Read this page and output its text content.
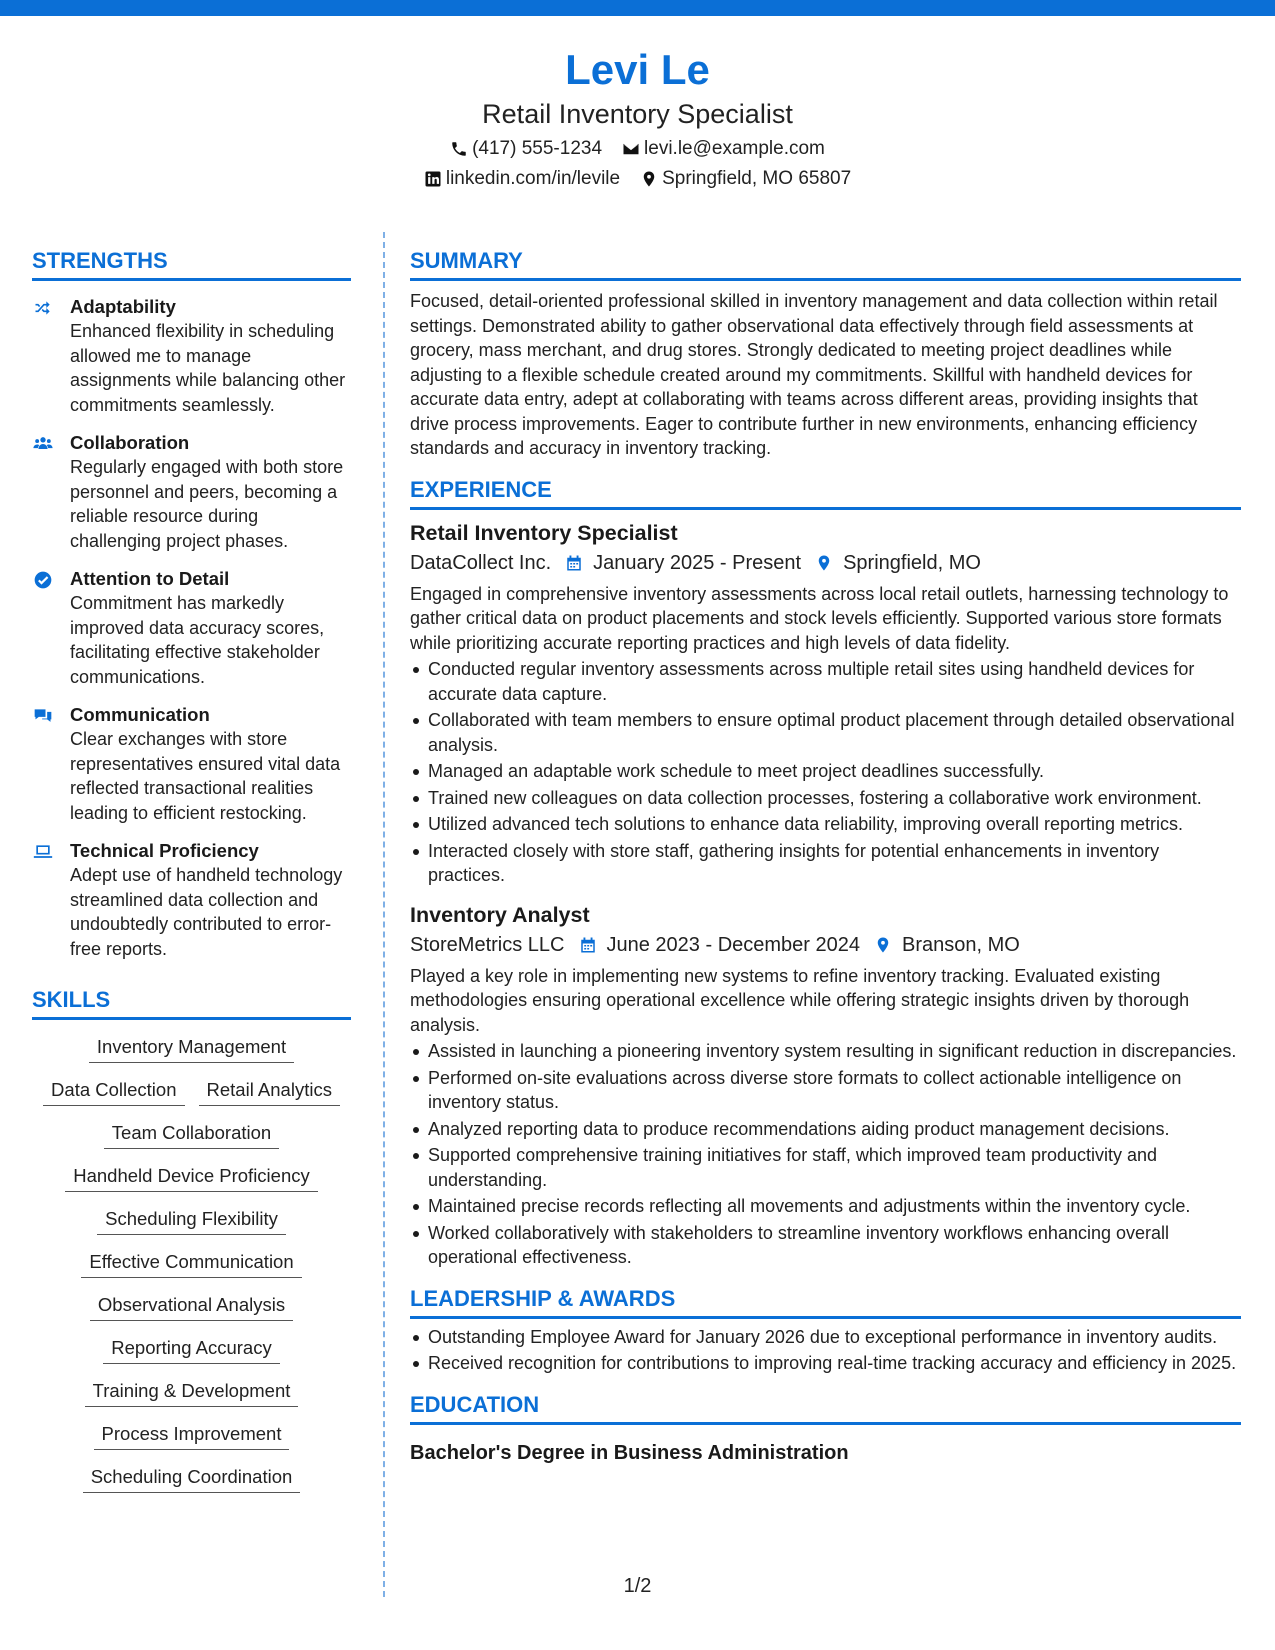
Levi Le
Retail Inventory Specialist
(417) 555-1234 levi.le@example.com
linkedin.com/in/levile Springfield, MO 65807
STRENGTHS
Adaptability
Enhanced flexibility in scheduling allowed me to manage assignments while balancing other commitments seamlessly.
Collaboration
Regularly engaged with both store personnel and peers, becoming a reliable resource during challenging project phases.
Attention to Detail
Commitment has markedly improved data accuracy scores, facilitating effective stakeholder communications.
Communication
Clear exchanges with store representatives ensured vital data reflected transactional realities leading to efficient restocking.
Technical Proficiency
Adept use of handheld technology streamlined data collection and undoubtedly contributed to error-free reports.
SKILLS
Inventory Management
Data Collection	Retail Analytics
Team Collaboration
Handheld Device Proficiency
Scheduling Flexibility
Effective Communication
Observational Analysis
Reporting Accuracy
Training & Development
Process Improvement
Scheduling Coordination
SUMMARY
Focused, detail-oriented professional skilled in inventory management and data collection within retail settings. Demonstrated ability to gather observational data effectively through field assessments at grocery, mass merchant, and drug stores. Strongly dedicated to meeting project deadlines while adjusting to a flexible schedule created around my commitments. Skillful with handheld devices for accurate data entry, adept at collaborating with teams across different areas, providing insights that drive process improvements. Eager to contribute further in new environments, enhancing efficiency standards and accuracy in inventory tracking.
EXPERIENCE
Retail Inventory Specialist
DataCollect Inc. January 2025 - Present Springfield, MO
Engaged in comprehensive inventory assessments across local retail outlets, harnessing technology to gather critical data on product placements and stock levels efficiently. Supported various store formats while prioritizing accurate reporting practices and high levels of data fidelity.
Conducted regular inventory assessments across multiple retail sites using handheld devices for accurate data capture.
Collaborated with team members to ensure optimal product placement through detailed observational analysis.
Managed an adaptable work schedule to meet project deadlines successfully.
Trained new colleagues on data collection processes, fostering a collaborative work environment.
Utilized advanced tech solutions to enhance data reliability, improving overall reporting metrics.
Interacted closely with store staff, gathering insights for potential enhancements in inventory practices.
Inventory Analyst
StoreMetrics LLC June 2023 - December 2024 Branson, MO
Played a key role in implementing new systems to refine inventory tracking. Evaluated existing methodologies ensuring operational excellence while offering strategic insights driven by thorough analysis.
Assisted in launching a pioneering inventory system resulting in significant reduction in discrepancies.
Performed on-site evaluations across diverse store formats to collect actionable intelligence on inventory status.
Analyzed reporting data to produce recommendations aiding product management decisions.
Supported comprehensive training initiatives for staff, which improved team productivity and understanding.
Maintained precise records reflecting all movements and adjustments within the inventory cycle.
Worked collaboratively with stakeholders to streamline inventory workflows enhancing overall operational effectiveness.
LEADERSHIP & AWARDS
Outstanding Employee Award for January 2026 due to exceptional performance in inventory audits.
Received recognition for contributions to improving real-time tracking accuracy and efficiency in 2025.
EDUCATION
Bachelor's Degree in Business Administration
1/2
